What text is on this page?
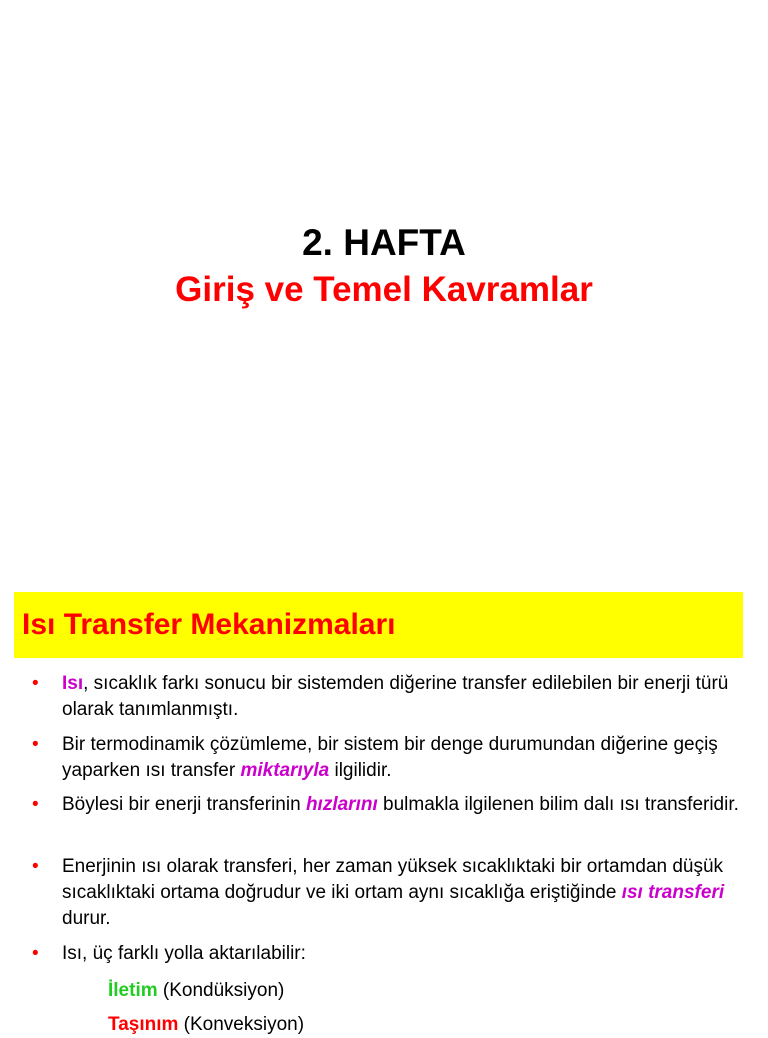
2. HAFTA
Giriş ve Temel Kavramlar
Isı Transfer Mekanizmaları
• Isı, sıcaklık farkı sonucu bir sistemden diğerine transfer edilebilen bir enerji türü olarak tanımlanmıştı.
• Bir termodinamik çözümleme, bir sistem bir denge durumundan diğerine geçiş yaparken ısı transfer miktarıyla ilgilidir.
• Böylesi bir enerji transferinin hızlarını bulmakla ilgilenen bilim dalı ısı transferidir.
• Enerjinin ısı olarak transferi, her zaman yüksek sıcaklıktaki bir ortamdan düşük sıcaklıktaki ortama doğrudur ve iki ortam aynı sıcaklığa eriştiğinde ısı transferi durur.
• Isı, üç farklı yolla aktarılabilir:
İletim (Kondüksiyon)
Taşınım (Konveksiyon)
